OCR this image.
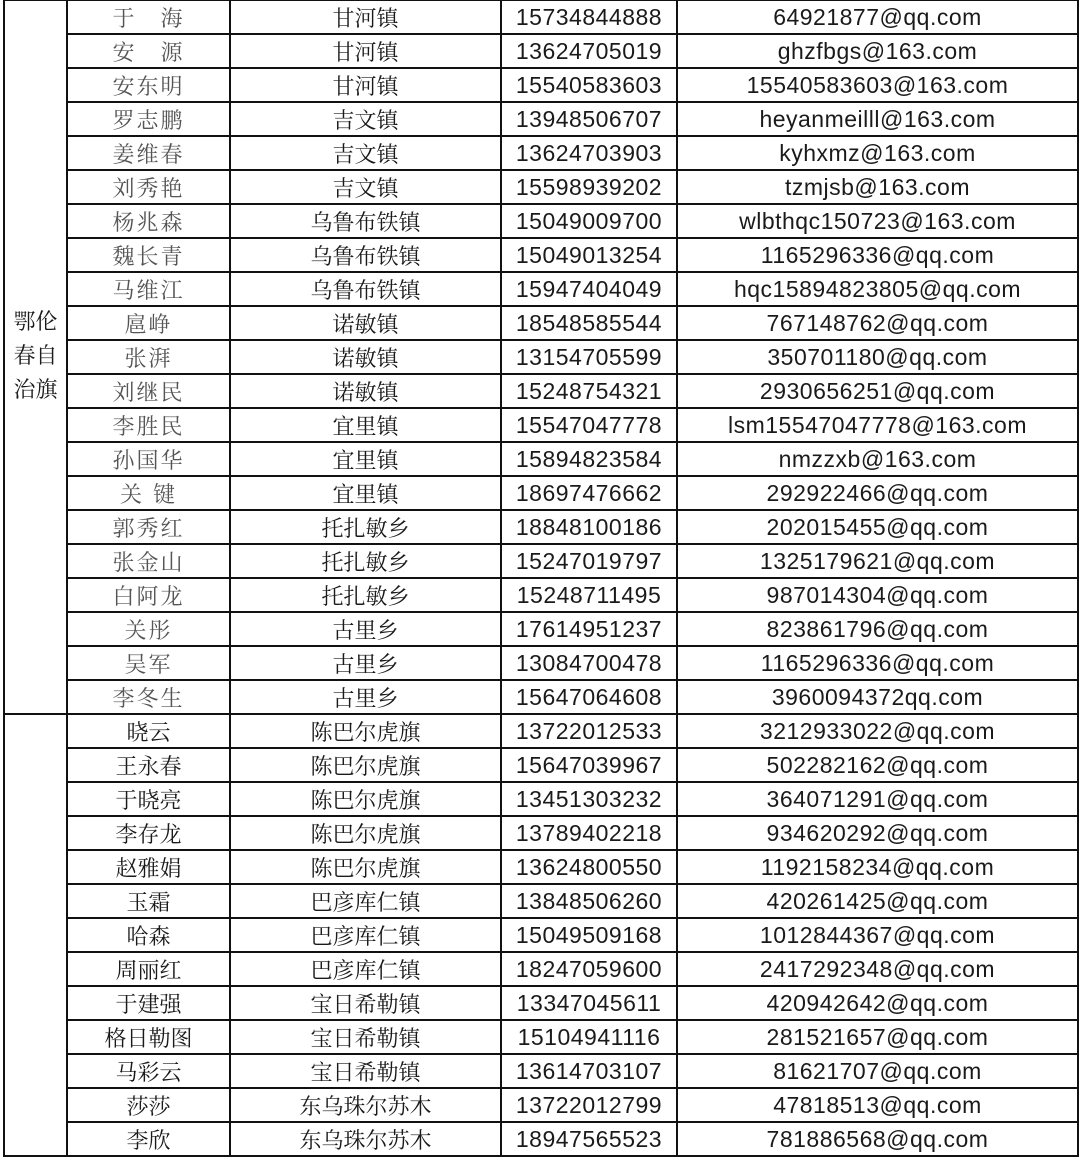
鄂伦春自治旗	于　海	甘河镇	15734844888	64921877@qq.com
	安　源	甘河镇	13624705019	ghzfbgs@163.com
	安东明	甘河镇	15540583603	15540583603@163.com
	罗志鹏	吉文镇	13948506707	heyanmeilll@163.com
	姜维春	吉文镇	13624703903	kyhxmz@163.com
	刘秀艳	吉文镇	15598939202	tzmjsb@163.com
	杨兆森	乌鲁布铁镇	15049009700	wlbthqc150723@163.com
	魏长青	乌鲁布铁镇	15049013254	1165296336@qq.com
	马维江	乌鲁布铁镇	15947404049	hqc15894823805@qq.com
	扈峥	诺敏镇	18548585544	767148762@qq.com
	张湃	诺敏镇	13154705599	350701180@qq.com
	刘继民	诺敏镇	15248754321	2930656251@qq.com
	李胜民	宜里镇	15547047778	lsm15547047778@163.com
	孙国华	宜里镇	15894823584	nmzzxb@163.com
	关 键	宜里镇	18697476662	292922466@qq.com
	郭秀红	托扎敏乡	18848100186	202015455@qq.com
	张金山	托扎敏乡	15247019797	1325179621@qq.com
	白阿龙	托扎敏乡	15248711495	987014304@qq.com
	关彤	古里乡	17614951237	823861796@qq.com
	吴军	古里乡	13084700478	1165296336@qq.com
	李冬生	古里乡	15647064608	3960094372qq.com
	晓云	陈巴尔虎旗	13722012533	3212933022@qq.com
	王永春	陈巴尔虎旗	15647039967	502282162@qq.com
	于晓亮	陈巴尔虎旗	13451303232	364071291@qq.com
	李存龙	陈巴尔虎旗	13789402218	934620292@qq.com
	赵雅娟	陈巴尔虎旗	13624800550	1192158234@qq.com
	玉霜	巴彦库仁镇	13848506260	420261425@qq.com
	哈森	巴彦库仁镇	15049509168	1012844367@qq.com
	周丽红	巴彦库仁镇	18247059600	2417292348@qq.com
	于建强	宝日希勒镇	13347045611	420942642@qq.com
	格日勒图	宝日希勒镇	15104941116	281521657@qq.com
	马彩云	宝日希勒镇	13614703107	81621707@qq.com
	莎莎	东乌珠尔苏木	13722012799	47818513@qq.com
	李欣	东乌珠尔苏木	18947565523	781886568@qq.com
